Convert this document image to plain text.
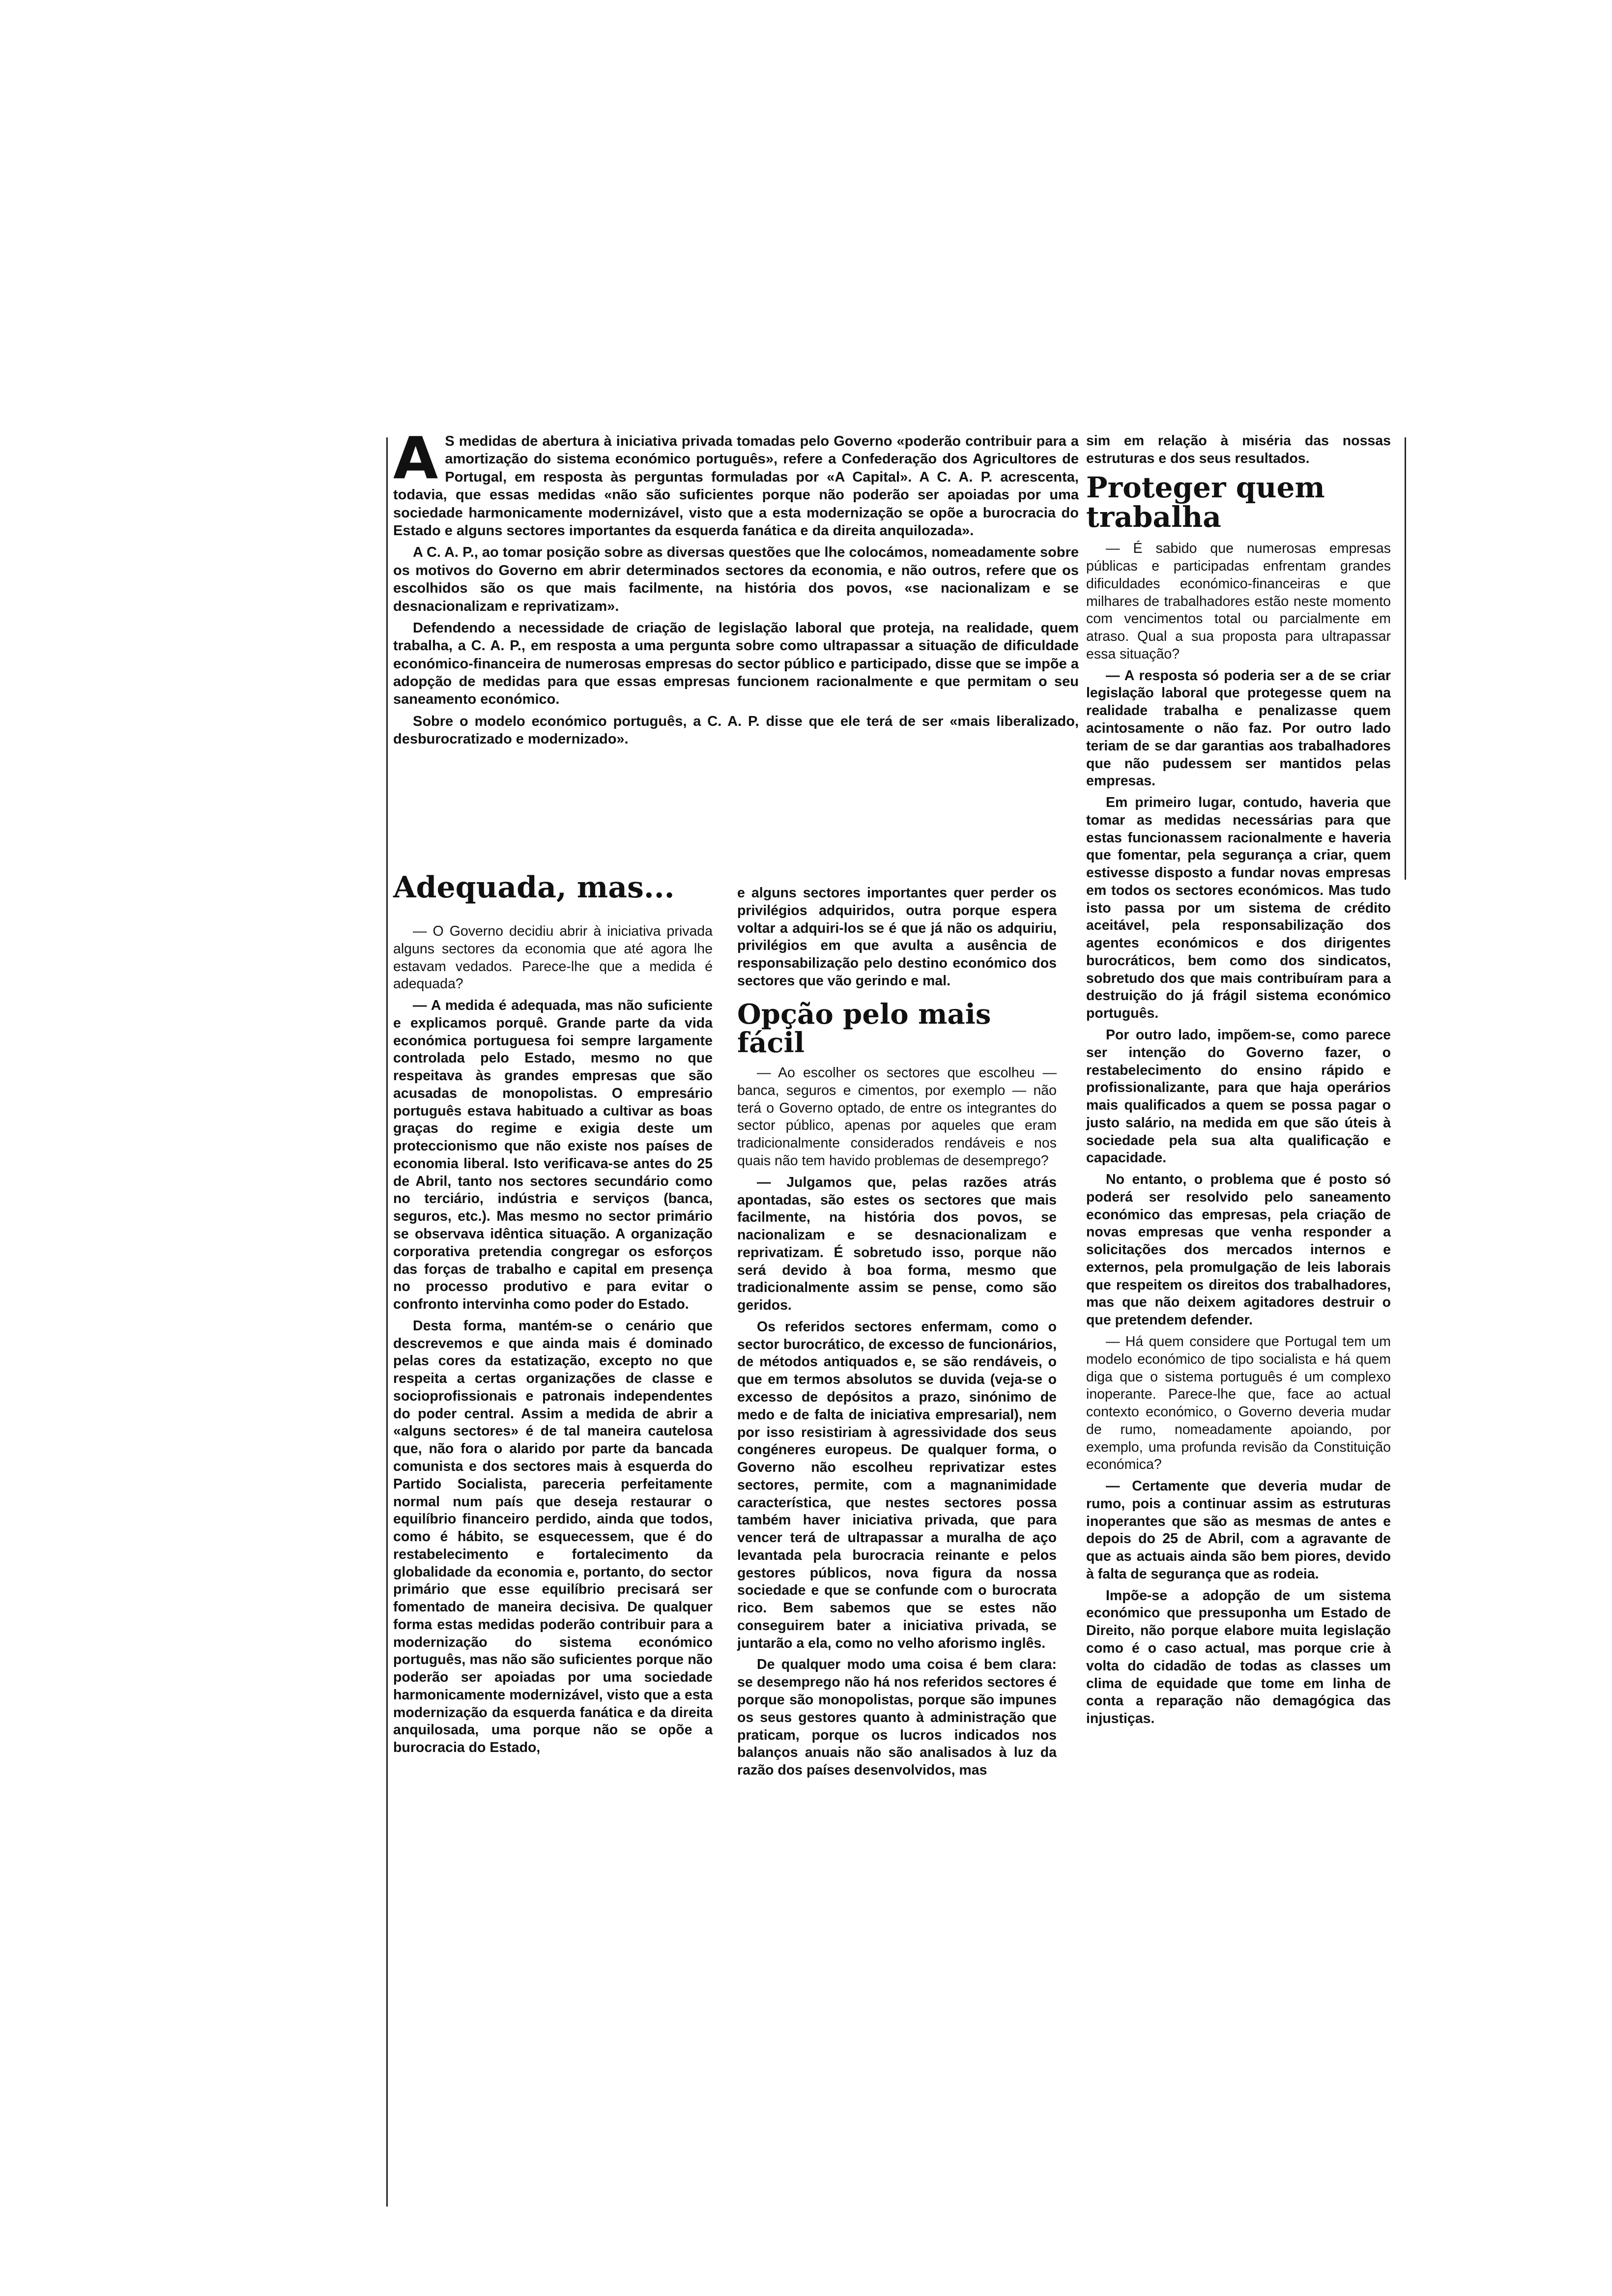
A S medidas de abertura à iniciativa privada tomadas pelo Governo «poderão contribuir para a amortização do sistema económico português», refere a Confederação dos Agricultores de Portugal, em resposta às perguntas formuladas por «A Capital». A C. A. P. acrescenta, todavia, que essas medidas «não são suficientes porque não poderão ser apoiadas por uma sociedade harmonicamente modernizável, visto que a esta modernização se opõe a burocracia do Estado e alguns sectores importantes da esquerda fanática e da direita anquilozada».

A C. A. P., ao tomar posição sobre as diversas questões que lhe colocámos, nomeadamente sobre os motivos do Governo em abrir determinados sectores da economia, e não outros, refere que os escolhidos são os que mais facilmente, na história dos povos, «se nacionalizam e se desnacionalizam e reprivatizam».

Defendendo a necessidade de criação de legislação laboral que proteja, na realidade, quem trabalha, a C. A. P., em resposta a uma pergunta sobre como ultrapassar a situação de dificuldade económico-financeira de numerosas empresas do sector público e participado, disse que se impõe a adopção de medidas para que essas empresas funcionem racionalmente e que permitam o seu saneamento económico.

Sobre o modelo económico português, a C. A. P. disse que ele terá de ser «mais liberalizado, desburocratizado e modernizado».

Adequada, mas...

— O Governo decidiu abrir à iniciativa privada alguns sectores da economia que até agora lhe estavam vedados. Parece-lhe que a medida é adequada?

— A medida é adequada, mas não suficiente e explicamos porquê. Grande parte da vida económica portuguesa foi sempre largamente controlada pelo Estado, mesmo no que respeitava às grandes empresas que são acusadas de monopolistas. O empresário português estava habituado a cultivar as boas graças do regime e exigia deste um proteccionismo que não existe nos países de economia liberal. Isto verificava-se antes do 25 de Abril, tanto nos sectores secundário como no terciário, indústria e serviços (banca, seguros, etc.). Mas mesmo no sector primário se observava idêntica situação. A organização corporativa pretendia congregar os esforços das forças de trabalho e capital em presença no processo produtivo e para evitar o confronto intervinha como poder do Estado.

Desta forma, mantém-se o cenário que descrevemos e que ainda mais é dominado pelas cores da estatização, excepto no que respeita a certas organizações de classe e socioprofissionais e patronais independentes do poder central. Assim a medida de abrir a «alguns sectores» é de tal maneira cautelosa que, não fora o alarido por parte da bancada comunista e dos sectores mais à esquerda do Partido Socialista, pareceria perfeitamente normal num país que deseja restaurar o equilíbrio financeiro perdido, ainda que todos, como é hábito, se esquecessem, que é do restabelecimento e fortalecimento da globalidade da economia e, portanto, do sector primário que esse equilíbrio precisará ser fomentado de maneira decisiva. De qualquer forma estas medidas poderão contribuir para a modernização do sistema económico português, mas não são suficientes porque não poderão ser apoiadas por uma sociedade harmonicamente modernizável, visto que a esta modernização da esquerda fanática e da direita anquilosada, uma porque não se opõe a burocracia do Estado,

e alguns sectores importantes quer perder os privilégios adquiridos, outra porque espera voltar a adquiri-los se é que já não os adquiriu, privilégios em que avulta a ausência de responsabilização pelo destino económico dos sectores que vão gerindo e mal.

Opção pelo mais fácil

— Ao escolher os sectores que escolheu — banca, seguros e cimentos, por exemplo — não terá o Governo optado, de entre os integrantes do sector público, apenas por aqueles que eram tradicionalmente considerados rendáveis e nos quais não tem havido problemas de desemprego?

— Julgamos que, pelas razões atrás apontadas, são estes os sectores que mais facilmente, na história dos povos, se nacionalizam e se desnacionalizam e reprivatizam. É sobretudo isso, porque não será devido à boa forma, mesmo que tradicionalmente assim se pense, como são geridos.

Os referidos sectores enfermam, como o sector burocrático, de excesso de funcionários, de métodos antiquados e, se são rendáveis, o que em termos absolutos se duvida (veja-se o excesso de depósitos a prazo, sinónimo de medo e de falta de iniciativa empresarial), nem por isso resistiriam à agressividade dos seus congéneres europeus. De qualquer forma, o Governo não escolheu reprivatizar estes sectores, permite, com a magnanimidade característica, que nestes sectores possa também haver iniciativa privada, que para vencer terá de ultrapassar a muralha de aço levantada pela burocracia reinante e pelos gestores públicos, nova figura da nossa sociedade e que se confunde com o burocrata rico. Bem sabemos que se estes não conseguirem bater a iniciativa privada, se juntarão a ela, como no velho aforismo inglês.

De qualquer modo uma coisa é bem clara: se desemprego não há nos referidos sectores é porque são monopolistas, porque são impunes os seus gestores quanto à administração que praticam, porque os lucros indicados nos balanços anuais não são analisados à luz da razão dos países desenvolvidos, mas

sim em relação à miséria das nossas estruturas e dos seus resultados.

Proteger quem trabalha

— É sabido que numerosas empresas públicas e participadas enfrentam grandes dificuldades económico-financeiras e que milhares de trabalhadores estão neste momento com vencimentos total ou parcialmente em atraso. Qual a sua proposta para ultrapassar essa situação?

— A resposta só poderia ser a de se criar legislação laboral que protegesse quem na realidade trabalha e penalizasse quem acintosamente o não faz. Por outro lado teriam de se dar garantias aos trabalhadores que não pudessem ser mantidos pelas empresas.

Em primeiro lugar, contudo, haveria que tomar as medidas necessárias para que estas funcionassem racionalmente e haveria que fomentar, pela segurança a criar, quem estivesse disposto a fundar novas empresas em todos os sectores económicos. Mas tudo isto passa por um sistema de crédito aceitável, pela responsabilização dos agentes económicos e dos dirigentes burocráticos, bem como dos sindicatos, sobretudo dos que mais contribuíram para a destruição do já frágil sistema económico português.

Por outro lado, impõem-se, como parece ser intenção do Governo fazer, o restabelecimento do ensino rápido e profissionalizante, para que haja operários mais qualificados a quem se possa pagar o justo salário, na medida em que são úteis à sociedade pela sua alta qualificação e capacidade.

No entanto, o problema que é posto só poderá ser resolvido pelo saneamento económico das empresas, pela criação de novas empresas que venha responder a solicitações dos mercados internos e externos, pela promulgação de leis laborais que respeitem os direitos dos trabalhadores, mas que não deixem agitadores destruir o que pretendem defender.

— Há quem considere que Portugal tem um modelo económico de tipo socialista e há quem diga que o sistema português é um complexo inoperante. Parece-lhe que, face ao actual contexto económico, o Governo deveria mudar de rumo, nomeadamente apoiando, por exemplo, uma profunda revisão da Constituição económica?

— Certamente que deveria mudar de rumo, pois a continuar assim as estruturas inoperantes que são as mesmas de antes e depois do 25 de Abril, com a agravante de que as actuais ainda são bem piores, devido à falta de segurança que as rodeia.

Impõe-se a adopção de um sistema económico que pressuponha um Estado de Direito, não porque elabore muita legislação como é o caso actual, mas porque crie à volta do cidadão de todas as classes um clima de equidade que tome em linha de conta a reparação não demagógica das injustiças.
